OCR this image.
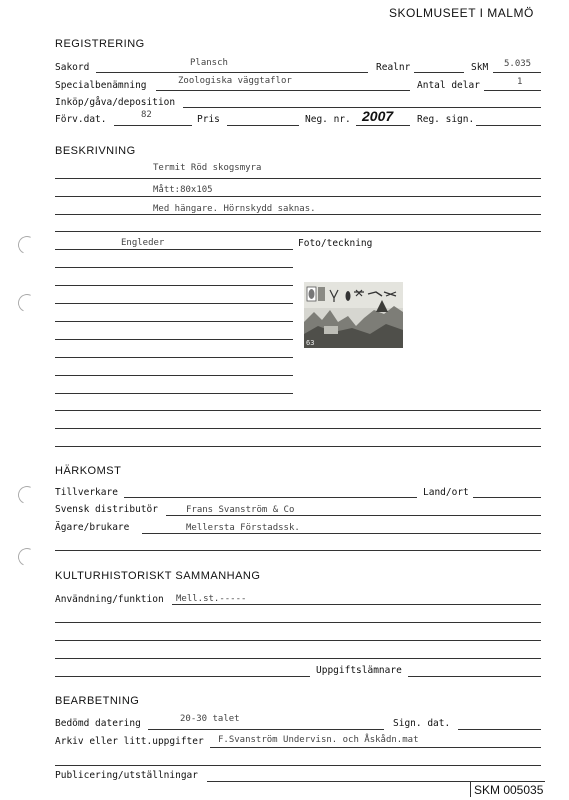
SKOLMUSEET I MALMÖ
REGISTRERING
Sakord	Plansch	Realnr	SkM 5.035
Specialbenämning	Zoologiska väggtaflor	Antal delar	1
Inköp/gåva/deposition
Förv.dat.	82	Pris	Neg. nr. 2007	Reg. sign.
BESKRIVNING
Termit Röd skogsmyra
Mått:80x105
Med hängare. Hörnskydd saknas.
Engleder	Foto/teckning
63
HÄRKOMST
Tillverkare	Land/ort
Svensk distributör	Frans Svanström & Co
Ägare/brukare	Mellersta Förstadssk.
KULTURHISTORISKT SAMMANHANG
Användning/funktion Mell.st.-----
Uppgiftslämnare
BEARBETNING
Bedömd datering	20-30 talet	Sign. dat.
Arkiv eller litt.uppgifter F.Svanström Undervisn. och Åskådn.mat
Publicering/utställningar
SKM 005035
